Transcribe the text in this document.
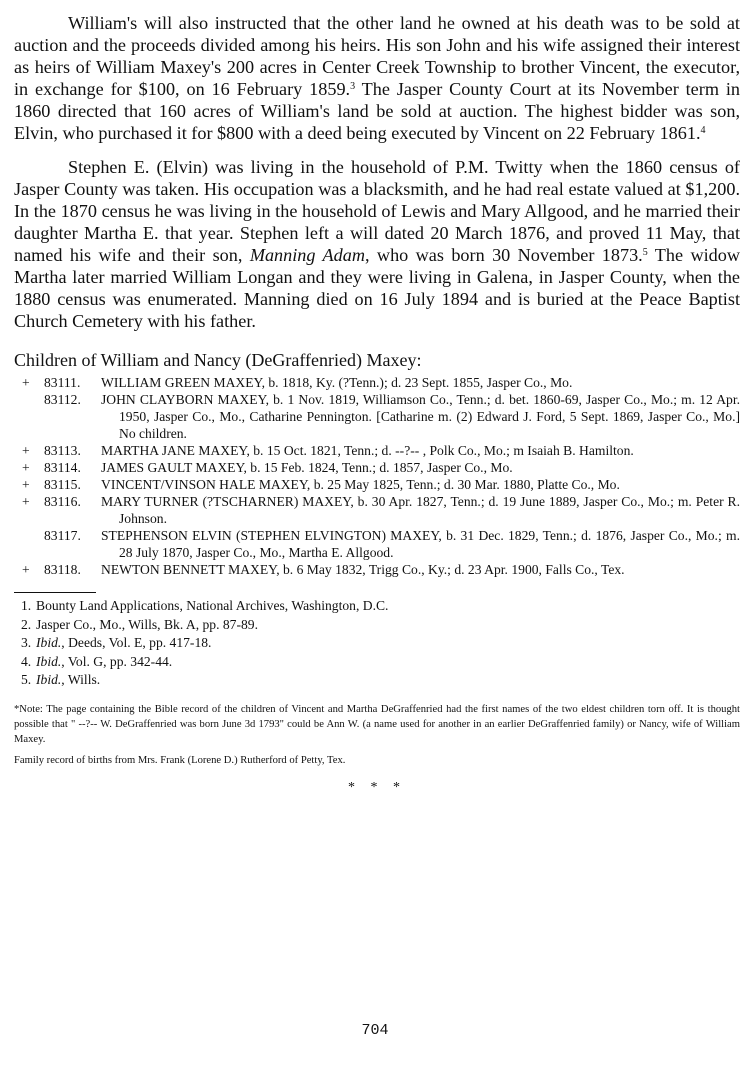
William's will also instructed that the other land he owned at his death was to be sold at auction and the proceeds divided among his heirs. His son John and his wife assigned their interest as heirs of William Maxey's 200 acres in Center Creek Township to brother Vincent, the executor, in exchange for $100, on 16 February 1859.$^3$ The Jasper County Court at its November term in 1860 directed that 160 acres of William's land be sold at auction. The highest bidder was son, Elvin, who purchased it for $800 with a deed being executed by Vincent on 22 February 1861.$^4$

Stephen E. (Elvin) was living in the household of P.M. Twitty when the 1860 census of Jasper County was taken. His occupation was a blacksmith, and he had real estate valued at $1,200. In the 1870 census he was living in the household of Lewis and Mary Allgood, and he married their daughter Martha E. that year. Stephen left a will dated 20 March 1876, and proved 11 May, that named his wife and their son, Manning Adam, who was born 30 November 1873.$^5$ The widow Martha later married William Longan and they were living in Galena, in Jasper County, when the 1880 census was enumerated. Manning died on 16 July 1894 and is buried at the Peace Baptist Church Cemetery with his father.

Children of William and Nancy (DeGraffenried) Maxey:
+ 83111. WILLIAM GREEN MAXEY, b. 1818, Ky. (?Tenn.); d. 23 Sept. 1855, Jasper Co., Mo.
83112. JOHN CLAYBORN MAXEY, b. 1 Nov. 1819, Williamson Co., Tenn.; d. bet. 1860-69, Jasper Co., Mo.; m. 12 Apr. 1950, Jasper Co., Mo., Catharine Pennington. [Catharine m. (2) Edward J. Ford, 5 Sept. 1869, Jasper Co., Mo.] No children.
+ 83113. MARTHA JANE MAXEY, b. 15 Oct. 1821, Tenn.; d. --?-- , Polk Co., Mo.; m Isaiah B. Hamilton.
+ 83114. JAMES GAULT MAXEY, b. 15 Feb. 1824, Tenn.; d. 1857, Jasper Co., Mo.
+ 83115. VINCENT/VINSON HALE MAXEY, b. 25 May 1825, Tenn.; d. 30 Mar. 1880, Platte Co., Mo.
+ 83116. MARY TURNER (?TSCHARNER) MAXEY, b. 30 Apr. 1827, Tenn.; d. 19 June 1889, Jasper Co., Mo.; m. Peter R. Johnson.
83117. STEPHENSON ELVIN (STEPHEN ELVINGTON) MAXEY, b. 31 Dec. 1829, Tenn.; d. 1876, Jasper Co., Mo.; m. 28 July 1870, Jasper Co., Mo., Martha E. Allgood.
+ 83118. NEWTON BENNETT MAXEY, b. 6 May 1832, Trigg Co., Ky.; d. 23 Apr. 1900, Falls Co., Tex.
1. Bounty Land Applications, National Archives, Washington, D.C.
2. Jasper Co., Mo., Wills, Bk. A, pp. 87-89.
3. Ibid., Deeds, Vol. E, pp. 417-18.
4. Ibid., Vol. G, pp. 342-44.
5. Ibid., Wills.
*Note: The page containing the Bible record of the children of Vincent and Martha DeGraffenried had the first names of the two eldest children torn off. It is thought possible that " --?-- W. DeGraffenried was born June 3d 1793" could be Ann W. (a name used for another in an earlier DeGraffenried family) or Nancy, wife of William Maxey.
Family record of births from Mrs. Frank (Lorene D.) Rutherford of Petty, Tex.
* * *
704
